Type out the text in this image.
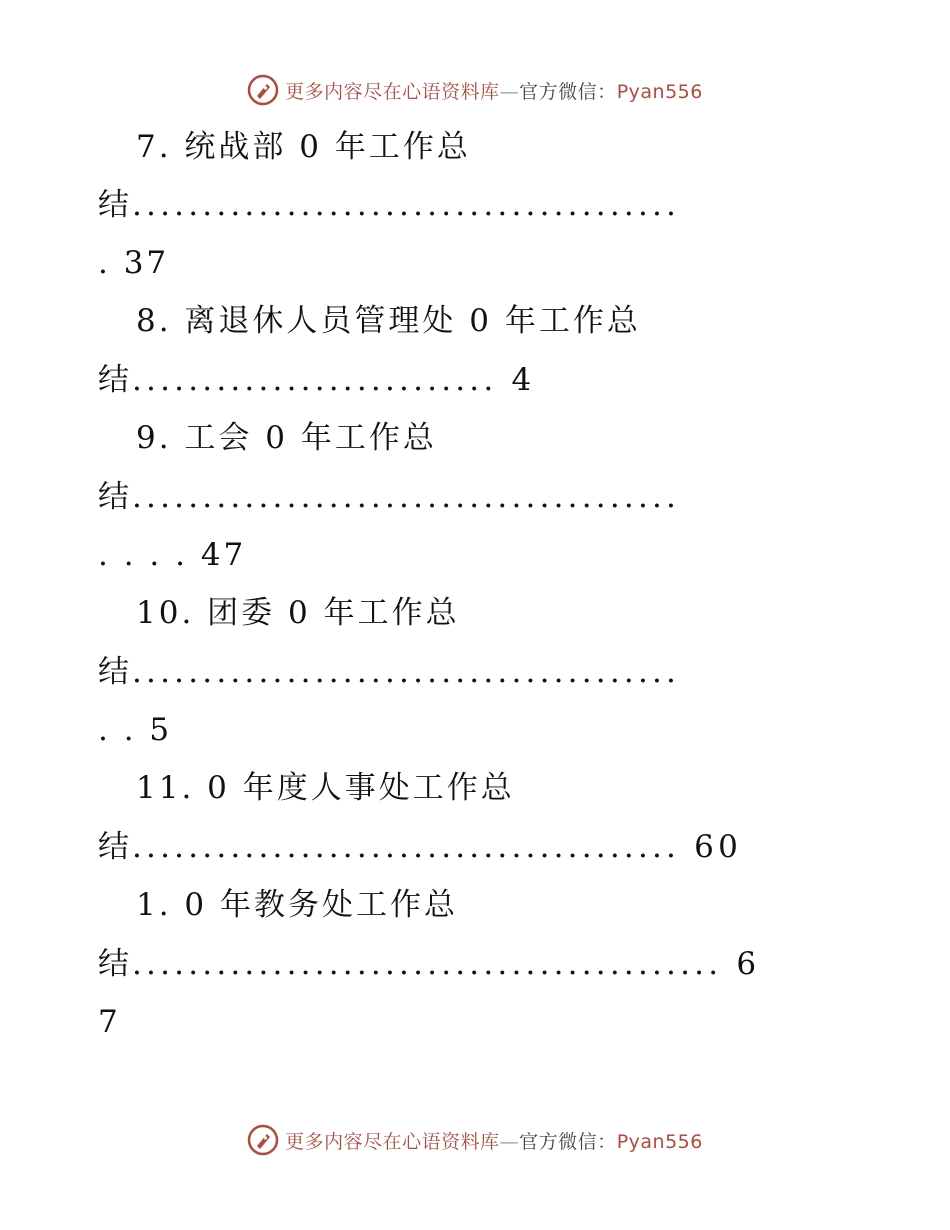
更多内容尽在心语资料库—官方微信：Pyan556
7. 统战部 0 年工作总
结.......................................
. 37
8. 离退休人员管理处 0 年工作总
结.......................... 4
9. 工会 0 年工作总
结.......................................
. . . . 47
10. 团委 0 年工作总
结.......................................
. . 5
11. 0 年度人事处工作总
结....................................... 60
1. 0 年教务处工作总
结.......................................... 6
7
更多内容尽在心语资料库—官方微信：Pyan556
